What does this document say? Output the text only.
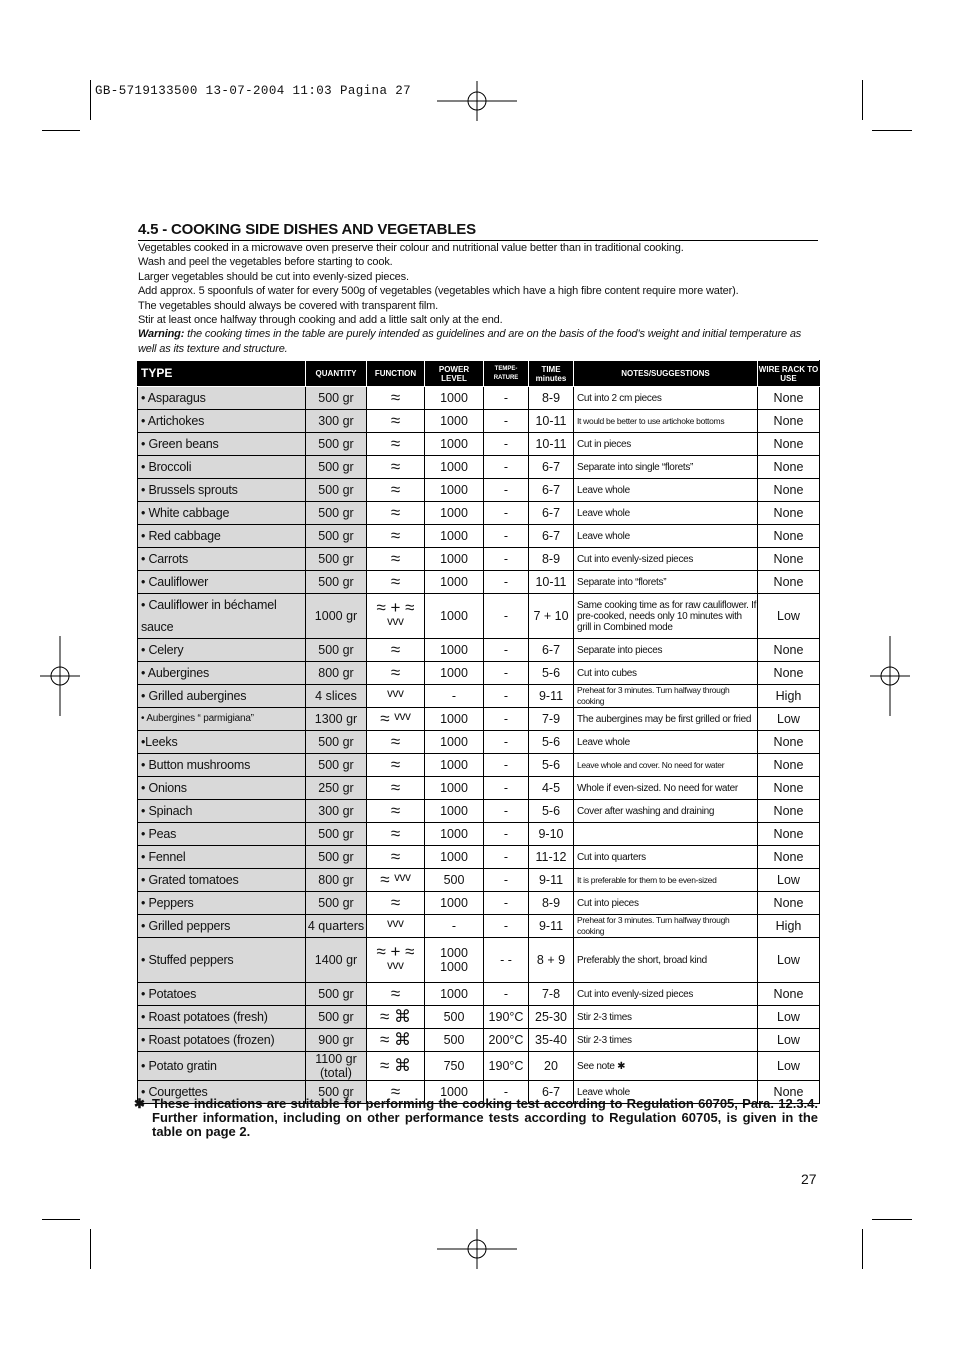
GB-5719133500 13-07-2004 11:03 Pagina 27
4.5 - COOKING SIDE DISHES AND VEGETABLES

Vegetables cooked in a microwave oven preserve their colour and nutritional value better than in traditional cooking.

Wash and peel the vegetables before starting to cook.

Larger vegetables should be cut into evenly-sized pieces.

Add approx. 5 spoonfuls of water for every 500g of vegetables (vegetables which have a high fibre content require more water).

The vegetables should always be covered with transparent film.

Stir at least once halfway through cooking and add a little salt only at the end.

Warning: the cooking times in the table are purely intended as guidelines and are on the basis of the food’s weight and initial temperature as well as its texture and structure.

TYPE	QUANTITY	FUNCTION	POWER LEVEL	TEMPE-RATURE	TIME minutes	NOTES/SUGGESTIONS	WIRE RACK TO USE
• Asparagus	500 gr	≈	1000	-	8-9	Cut into 2 cm pieces	None
• Artichokes	300 gr	≈	1000	-	10-11	It would be better to use artichoke bottoms	None
• Green beans	500 gr	≈	1000	-	10-11	Cut in pieces	None
• Broccoli	500 gr	≈	1000	-	6-7	Separate into single “florets”	None
• Brussels sprouts	500 gr	≈	1000	-	6-7	Leave whole	None
• White cabbage	500 gr	≈	1000	-	6-7	Leave whole	None
• Red cabbage	500 gr	≈	1000	-	6-7	Leave whole	None
• Carrots	500 gr	≈	1000	-	8-9	Cut into evenly-sized pieces	None
• Cauliflower	500 gr	≈	1000	-	10-11	Separate into “florets”	None
• Cauliflower in béchamel sauce	1000 gr	≈ + ≈ ᵛᵛᵛ	1000	-	7 + 10	Same cooking time as for raw cauliflower. If pre-cooked, needs only 10 minutes with grill in Combined mode	Low
• Celery	500 gr	≈	1000	-	6-7	Separate into pieces	None
• Aubergines	800 gr	≈	1000	-	5-6	Cut into cubes	None
• Grilled aubergines	4 slices	ᵛᵛᵛ	-	-	9-11	Preheat for 3 minutes. Turn halfway through cooking	High
• Aubergines “ parmigiana”	1300 gr	≈ ᵛᵛᵛ	1000	-	7-9	The aubergines may be first grilled or fried	Low
•Leeks	500 gr	≈	1000	-	5-6	Leave whole	None
• Button mushrooms	500 gr	≈	1000	-	5-6	Leave whole and cover. No need for water	None
• Onions	250 gr	≈	1000	-	4-5	Whole if even-sized. No need for water	None
• Spinach	300 gr	≈	1000	-	5-6	Cover after washing and draining	None
• Peas	500 gr	≈	1000	-	9-10		None
• Fennel	500 gr	≈	1000	-	11-12	Cut into quarters	None
• Grated tomatoes	800 gr	≈ ᵛᵛᵛ	500	-	9-11	It is preferable for them to be even-sized	Low
• Peppers	500 gr	≈	1000	-	8-9	Cut into pieces	None
• Grilled peppers	4 quarters	ᵛᵛᵛ	-	-	9-11	Preheat for 3 minutes. Turn halfway through cooking	High
• Stuffed peppers	1400 gr	≈ + ≈ ᵛᵛᵛ	1000 1000	- -	8 + 9	Preferably the short, broad kind	Low
• Potatoes	500 gr	≈	1000	-	7-8	Cut into evenly-sized pieces	None
• Roast potatoes (fresh)	500 gr	≈ ⌘	500	190°C	25-30	Stir 2-3 times	Low
• Roast potatoes (frozen)	900 gr	≈ ⌘	500	200°C	35-40	Stir 2-3 times	Low
• Potato gratin	1100 gr (total)	≈ ⌘	750	190°C	20	See note ✱	Low
• Courgettes	500 gr	≈	1000	-	6-7	Leave whole	None
✱ These indications are suitable for performing the cooking test according to Regulation 60705, Para. 12.3.4. Further information, including on other performance tests according to Regulation 60705, is given in the table on page 2.
27
